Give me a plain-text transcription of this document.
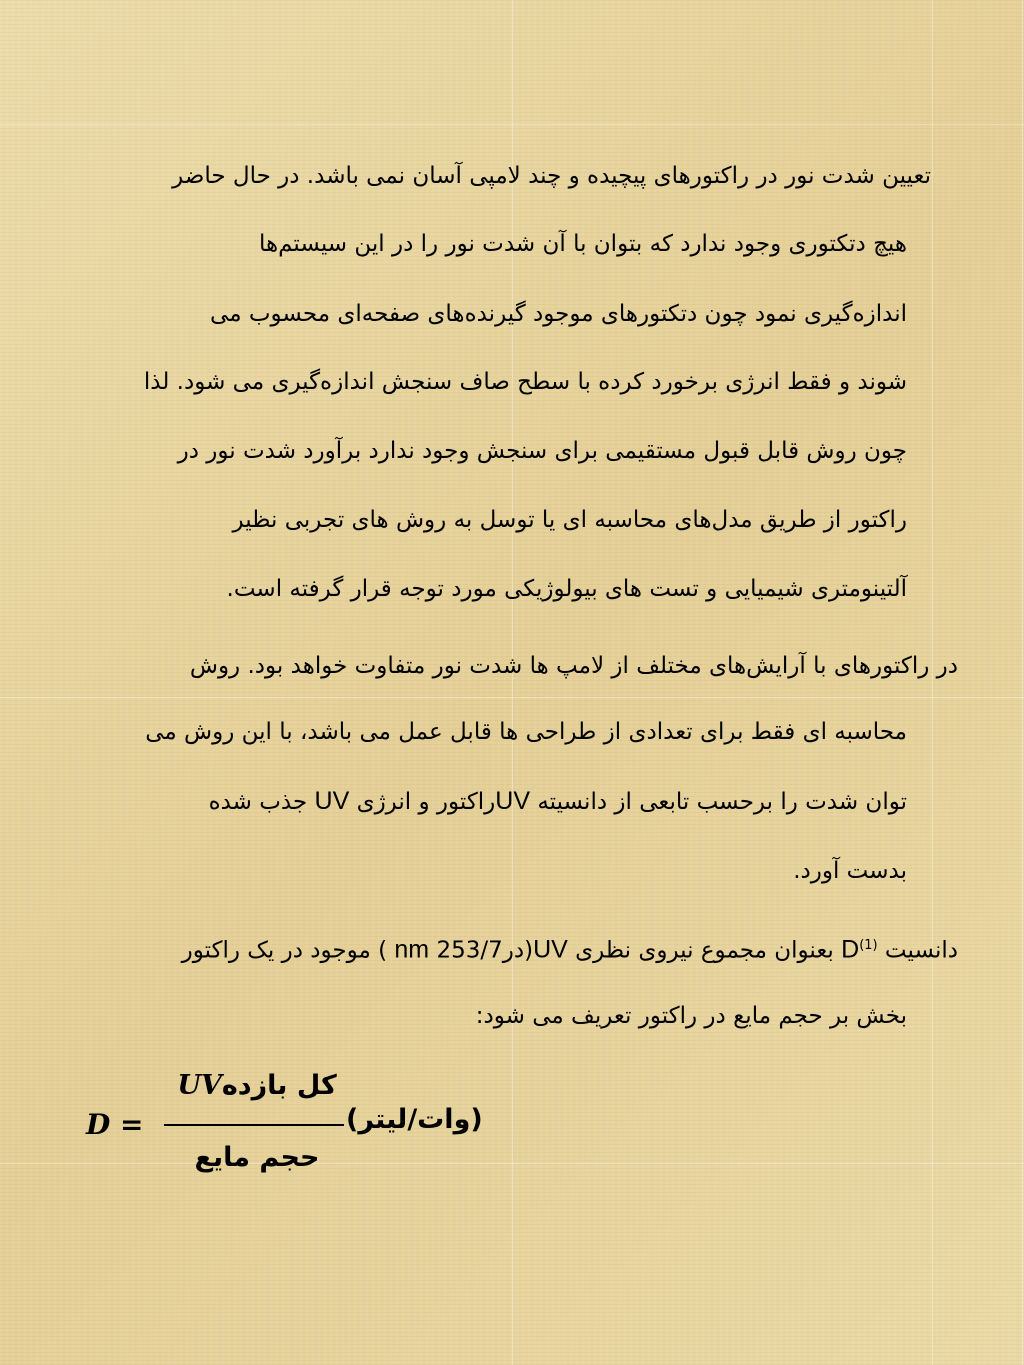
تعیین شدت نور در راکتورهای پیچیده و چند لامپی آسان نمی باشد. در حال حاضر
هیچ دتکتوری وجود ندارد که بتوان با آن شدت نور را در این سیستم‌ها
اندازه‌گیری نمود چون دتکتورهای موجود گیرنده‌های صفحه‌ای محسوب می
شوند و فقط انرژی برخورد کرده با سطح صاف سنجش اندازه‌گیری می شود. لذا
چون روش قابل قبول مستقیمی برای سنجش وجود ندارد برآورد شدت نور در
راکتور از طریق مدل‌های محاسبه ای یا توسل به روش های تجربی نظیر
آلتینومتری شیمیایی و تست های بیولوژیکی مورد توجه قرار گرفته است.
در راکتورهای با آرایش‌های مختلف از لامپ ها شدت نور متفاوت خواهد بود. روش
محاسبه ای فقط برای تعدادی از طراحی ها قابل عمل می باشد، با این روش می
توان شدت را برحسب تابعی از دانسیته UVراکتور و انرژی UV جذب شده
بدست آورد.
دانسیت $D^{(1)}$ بعنوان مجموع نیروی نظری UV(درnm 253/7 ) موجود در یک راکتور
بخش بر حجم مایع در راکتور تعریف می شود:
D =
کل بازدهUV
حجم مایع
(وات/لیتر)
